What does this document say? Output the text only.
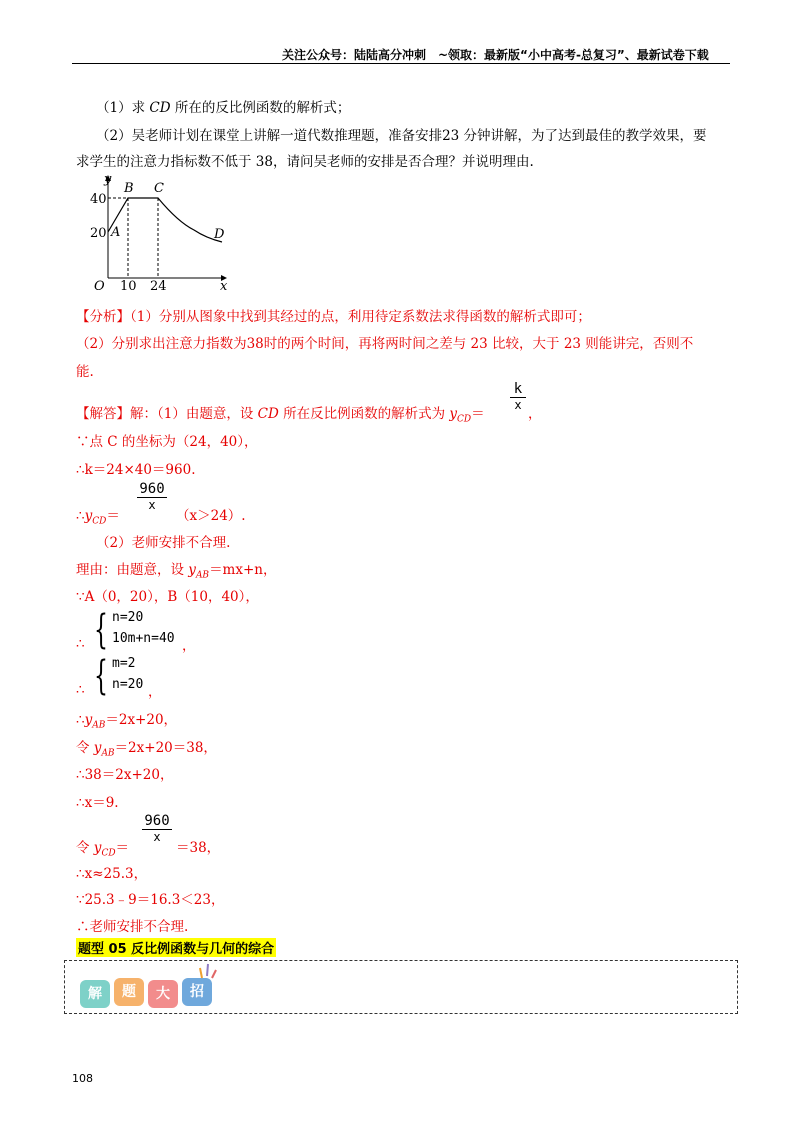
关注公众号：陆陆高分冲刺　~领取：最新版“小中高考-总复习”、最新试卷下载
（1）求 CD 所在的反比例函数的解析式；
（2）吴老师计划在课堂上讲解一道代数推理题，准备安排23 分钟讲解，为了达到最佳的教学效果，要
求学生的注意力指标数不低于 38，请问吴老师的安排是否合理？并说明理由.
y
x
O
40
20
10 24
A
B C
D
【分析】（1）分别从图象中找到其经过的点，利用待定系数法求得函数的解析式即可；
（2）分别求出注意力指数为38时的两个时间，再将两时间之差与 23 比较，大于 23 则能讲完，否则不
能.
【解答】解：（1）由题意，设 CD 所在反比例函数的解析式为 $y_{CD}=$
k
x
，
∵点 C 的坐标为（24，40），
∴k＝24×40＝960.
$\therefore y_{CD}=$
960
x
（x＞24）.
（2）老师安排不合理.
理由：由题意，设 $y_{AB}=mx+n$，
∵A（0，20），B（10，40），
∴ { n=20
10m+n=40 ，
∴ { m=2
n=20 ，
$\therefore y_{AB}=2x+20$，
令 $y_{AB}=2x+20=38$，
∴38＝2x+20，
∴x＝9.
令 $y_{CD}=$
960
x
＝38，
∴x≈25.3，
∵25.3﹣9＝16.3＜23，
∴老师安排不合理.
题型 05 反比例函数与几何的综合
解	题	大	招
108
